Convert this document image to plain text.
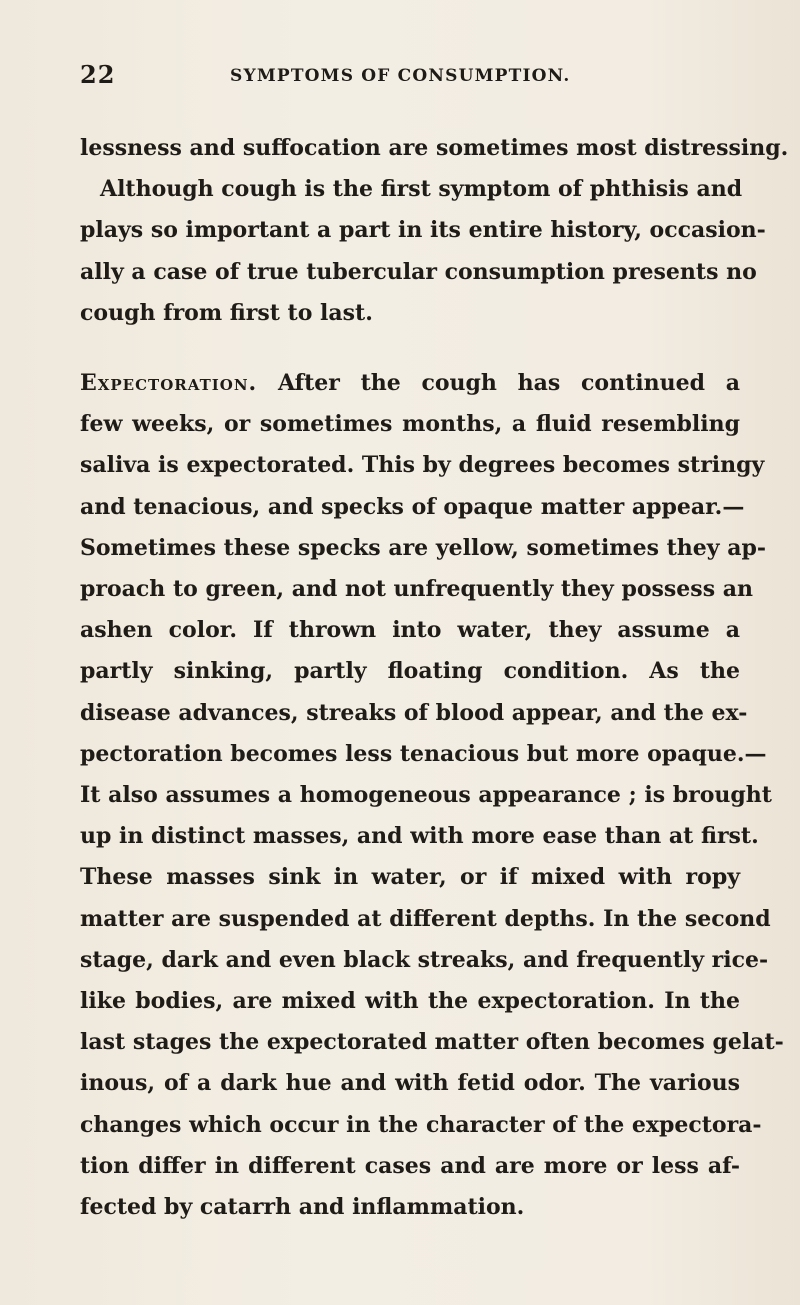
22	SYMPTOMS OF CONSUMPTION.
lessness and suffocation are sometimes most distressing.
Although cough is the first symptom of phthisis and
plays so important a part in its entire history, occasion-
ally a case of true tubercular consumption presents no
cough from first to last.
Expectoration. After the cough has continued a
few weeks, or sometimes months, a fluid resembling
saliva is expectorated. This by degrees becomes stringy
and tenacious, and specks of opaque matter appear.—
Sometimes these specks are yellow, sometimes they ap-
proach to green, and not unfrequently they possess an
ashen color. If thrown into water, they assume a
partly sinking, partly floating condition. As the
disease advances, streaks of blood appear, and the ex-
pectoration becomes less tenacious but more opaque.—
It also assumes a homogeneous appearance ; is brought
up in distinct masses, and with more ease than at first.
These masses sink in water, or if mixed with ropy
matter are suspended at different depths. In the second
stage, dark and even black streaks, and frequently rice-
like bodies, are mixed with the expectoration. In the
last stages the expectorated matter often becomes gelat-
inous, of a dark hue and with fetid odor. The various
changes which occur in the character of the expectora-
tion differ in different cases and are more or less af-
fected by catarrh and inflammation.
